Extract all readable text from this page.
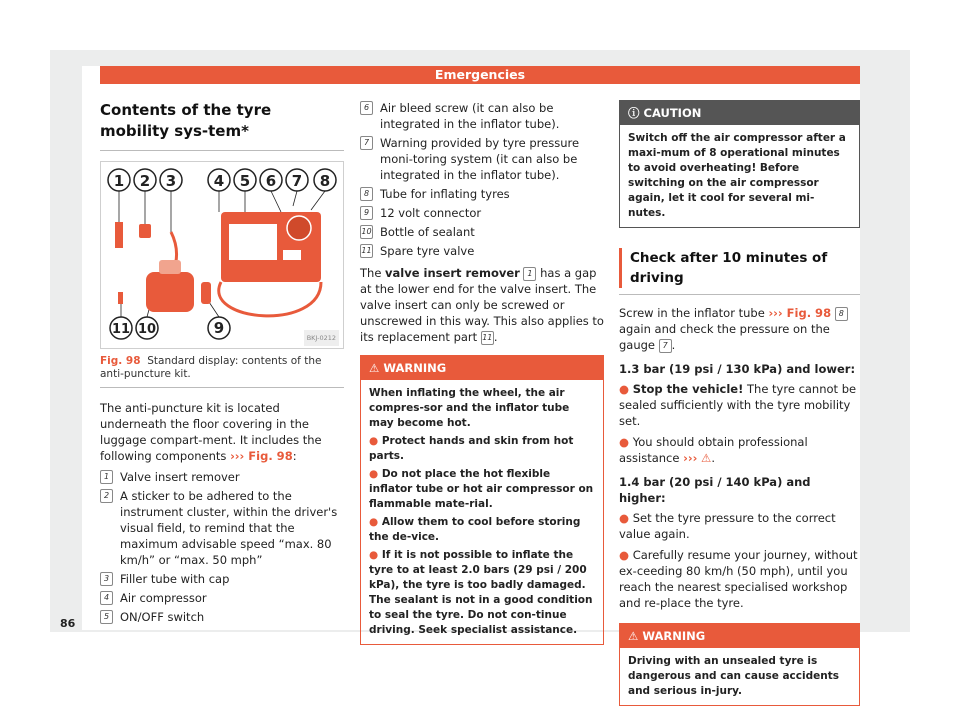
Emergencies
Contents of the tyre mobility sys-tem*
1 2 3	4 5 6 7 8
11 10	9
BKJ-0212

Fig. 98 Standard display: contents of the anti-puncture kit.

The anti-puncture kit is located underneath the floor covering in the luggage compart-ment. It includes the following components ››› Fig. 98:

1 Valve insert remover
2 A sticker to be adhered to the instrument cluster, within the driver's visual field, to remind that the maximum advisable speed “max. 80 km/h” or “max. 50 mph”
3 Filler tube with cap
4 Air compressor
5 ON/OFF switch
6 Air bleed screw (it can also be integrated in the inflator tube).
7 Warning provided by tyre pressure moni-toring system (it can also be integrated in the inflator tube).
8 Tube for inflating tyres
9 12 volt connector
10 Bottle of sealant
11 Spare tyre valve

The valve insert remover 1 has a gap at the lower end for the valve insert. The valve insert can only be screwed or unscrewed in this way. This also applies to its replacement part 11.

⚠ WARNING
When inflating the wheel, the air compres-sor and the inflator tube may become hot.
● Protect hands and skin from hot parts.
● Do not place the hot flexible inflator tube or hot air compressor on flammable mate-rial.
● Allow them to cool before storing the de-vice.
● If it is not possible to inflate the tyre to at least 2.0 bars (29 psi / 200 kPa), the tyre is too badly damaged. The sealant is not in a good condition to seal the tyre. Do not con-tinue driving. Seek specialist assistance.
ⓘ CAUTION
Switch off the air compressor after a maxi-mum of 8 operational minutes to avoid overheating! Before switching on the air compressor again, let it cool for several mi-nutes.
Check after 10 minutes of driving

Screw in the inflator tube ››› Fig. 98 8 again and check the pressure on the gauge 7 .

1.3 bar (19 psi / 130 kPa) and lower:

● Stop the vehicle! The tyre cannot be sealed sufficiently with the tyre mobility set.

● You should obtain professional assistance ››› ⚠.

1.4 bar (20 psi / 140 kPa) and higher:

● Set the tyre pressure to the correct value again.

● Carefully resume your journey, without ex-ceeding 80 km/h (50 mph), until you reach the nearest specialised workshop and re-place the tyre.

⚠ WARNING
Driving with an unsealed tyre is dangerous and can cause accidents and serious in-jury.
86
